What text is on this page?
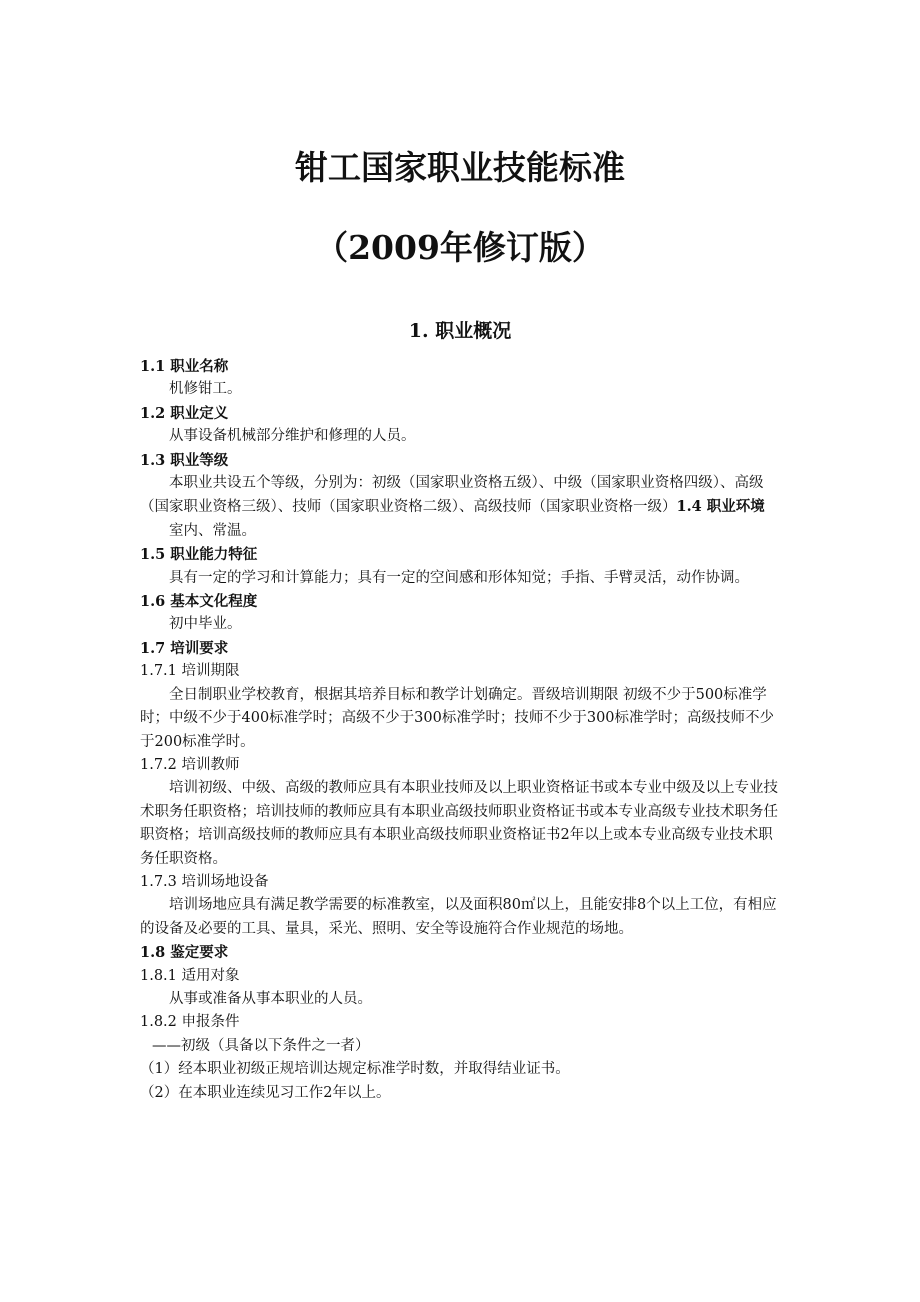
钳工国家职业技能标准
（2009年修订版）
1. 职业概况

1.1 职业名称

机修钳工。

1.2 职业定义

从事设备机械部分维护和修理的人员。

1.3 职业等级

本职业共设五个等级，分别为：初级（国家职业资格五级）、中级（国家职业资格四级）、高级（国家职业资格三级）、技师（国家职业资格二级）、高级技师（国家职业资格一级）1.4 职业环境

室内、常温。

1.5 职业能力特征

具有一定的学习和计算能力；具有一定的空间感和形体知觉；手指、手臂灵活，动作协调。

1.6 基本文化程度

初中毕业。

1.7 培训要求

1.7.1 培训期限

全日制职业学校教育，根据其培养目标和教学计划确定。晋级培训期限 初级不少于500标准学时；中级不少于400标准学时；高级不少于300标准学时；技师不少于300标准学时；高级技师不少于200标准学时。

1.7.2 培训教师

培训初级、中级、高级的教师应具有本职业技师及以上职业资格证书或本专业中级及以上专业技术职务任职资格；培训技师的教师应具有本职业高级技师职业资格证书或本专业高级专业技术职务任职资格；培训高级技师的教师应具有本职业高级技师职业资格证书2年以上或本专业高级专业技术职务任职资格。

1.7.3 培训场地设备

培训场地应具有满足教学需要的标准教室，以及面积80㎡以上，且能安排8个以上工位，有相应的设备及必要的工具、量具，采光、照明、安全等设施符合作业规范的场地。

1.8 鉴定要求

1.8.1 适用对象

从事或准备从事本职业的人员。

1.8.2 申报条件

——初级（具备以下条件之一者）

（1）经本职业初级正规培训达规定标准学时数，并取得结业证书。

（2）在本职业连续见习工作2年以上。
